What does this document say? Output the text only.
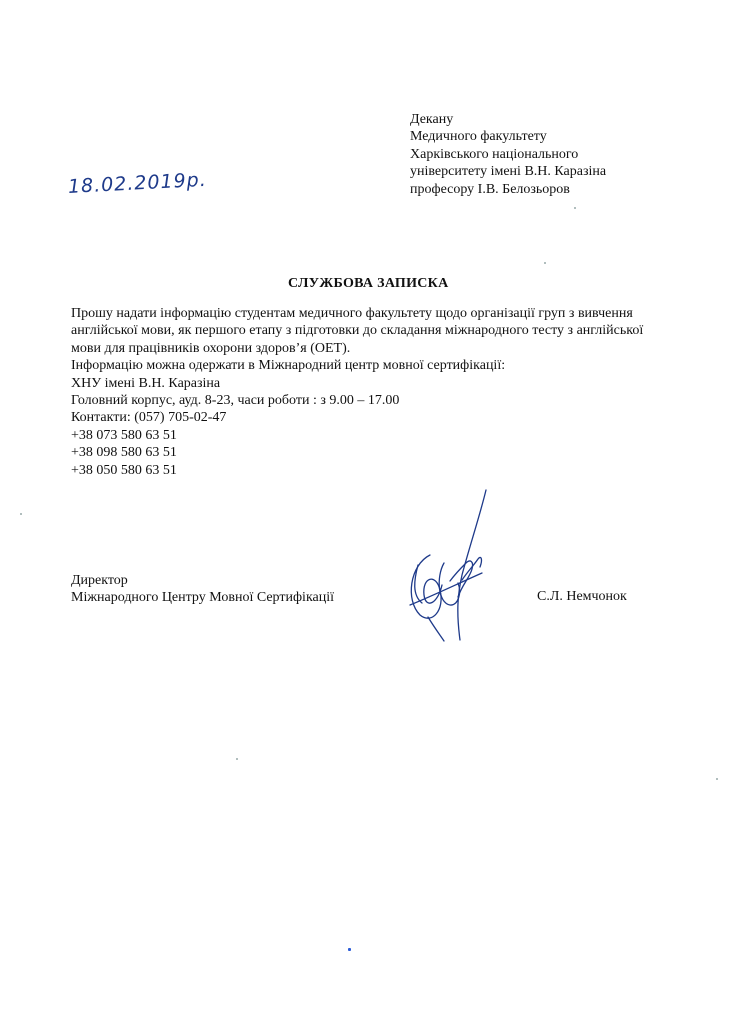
Декану
Медичного факультету
Харківського національного
університету імені В.Н. Каразіна
професору І.В. Белозьоров
18.02.2019р.
СЛУЖБОВА ЗАПИСКА
Прошу надати інформацію студентам медичного факультету щодо організації груп з вивчення
англійської мови, як першого етапу з підготовки до складання міжнародного тесту з англійської
мови для працівників охорони здоров’я (OET).
Інформацію можна одержати в Міжнародний центр мовної сертифікації:
ХНУ імені В.Н. Каразіна
Головний корпус, ауд. 8-23, часи роботи : з 9.00 – 17.00
Контакти: (057) 705-02-47
+38 073 580 63 51
+38 098 580 63 51
+38 050 580 63 51
Директор
Міжнародного Центру Мовної Сертифікації	С.Л. Немчонок
